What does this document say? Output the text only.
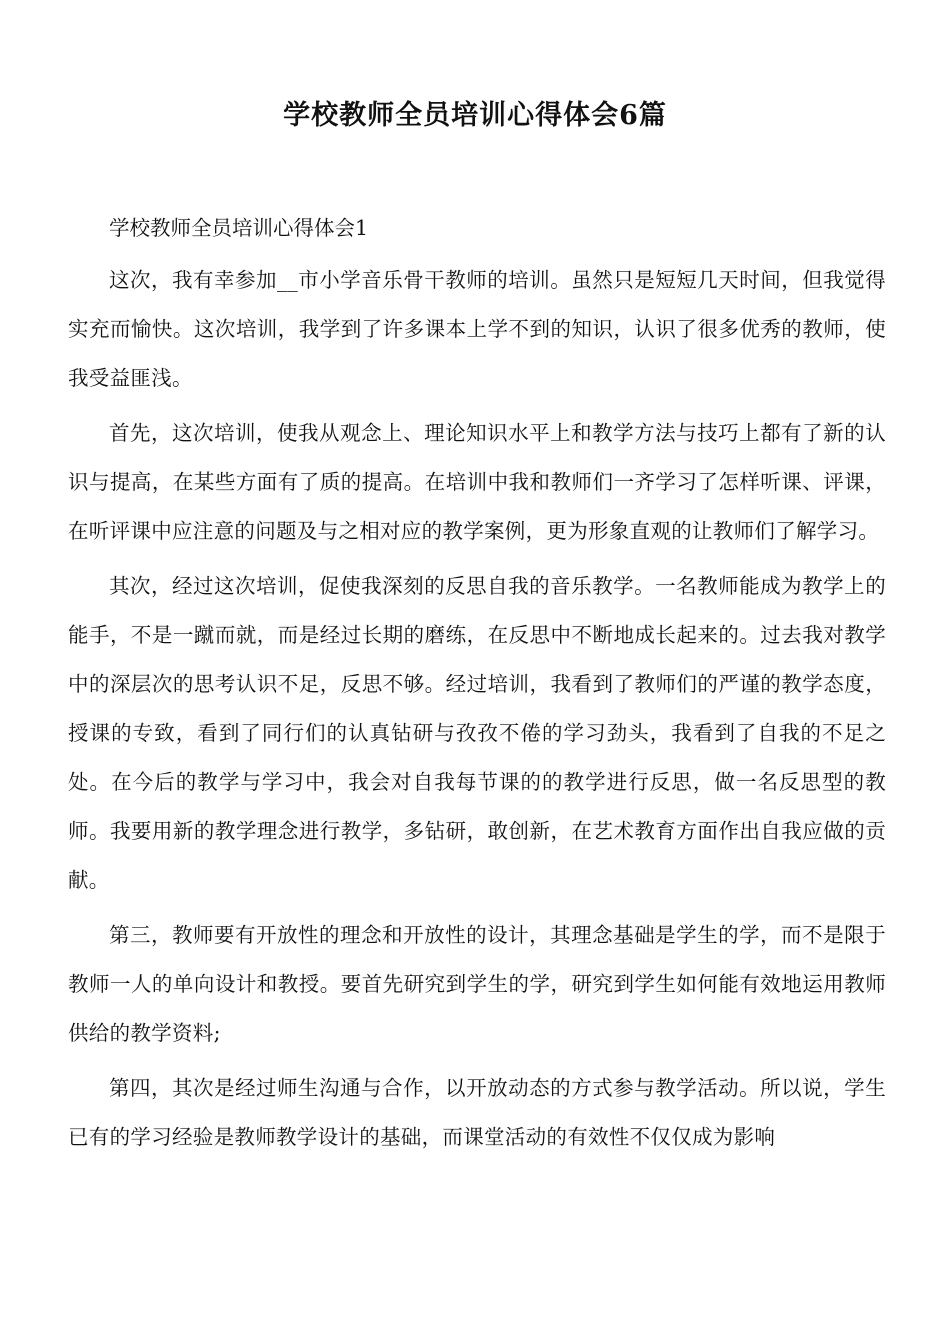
学校教师全员培训心得体会6篇

学校教师全员培训心得体会1

这次，我有幸参加__市小学音乐骨干教师的培训。虽然只是短短几天时间，但我觉得实充而愉快。这次培训，我学到了许多课本上学不到的知识，认识了很多优秀的教师，使我受益匪浅。

首先，这次培训，使我从观念上、理论知识水平上和教学方法与技巧上都有了新的认识与提高，在某些方面有了质的提高。在培训中我和教师们一齐学习了怎样听课、评课，在听评课中应注意的问题及与之相对应的教学案例，更为形象直观的让教师们了解学习。

其次，经过这次培训，促使我深刻的反思自我的音乐教学。一名教师能成为教学上的能手，不是一蹴而就，而是经过长期的磨练，在反思中不断地成长起来的。过去我对教学中的深层次的思考认识不足，反思不够。经过培训，我看到了教师们的严谨的教学态度，授课的专致，看到了同行们的认真钻研与孜孜不倦的学习劲头，我看到了自我的不足之处。在今后的教学与学习中，我会对自我每节课的的教学进行反思，做一名反思型的教师。我要用新的教学理念进行教学，多钻研，敢创新，在艺术教育方面作出自我应做的贡献。

第三，教师要有开放性的理念和开放性的设计，其理念基础是学生的学，而不是限于教师一人的单向设计和教授。要首先研究到学生的学，研究到学生如何能有效地运用教师供给的教学资料;

第四，其次是经过师生沟通与合作，以开放动态的方式参与教学活动。所以说，学生已有的学习经验是教师教学设计的基础，而课堂活动的有效性不仅仅成为影响
